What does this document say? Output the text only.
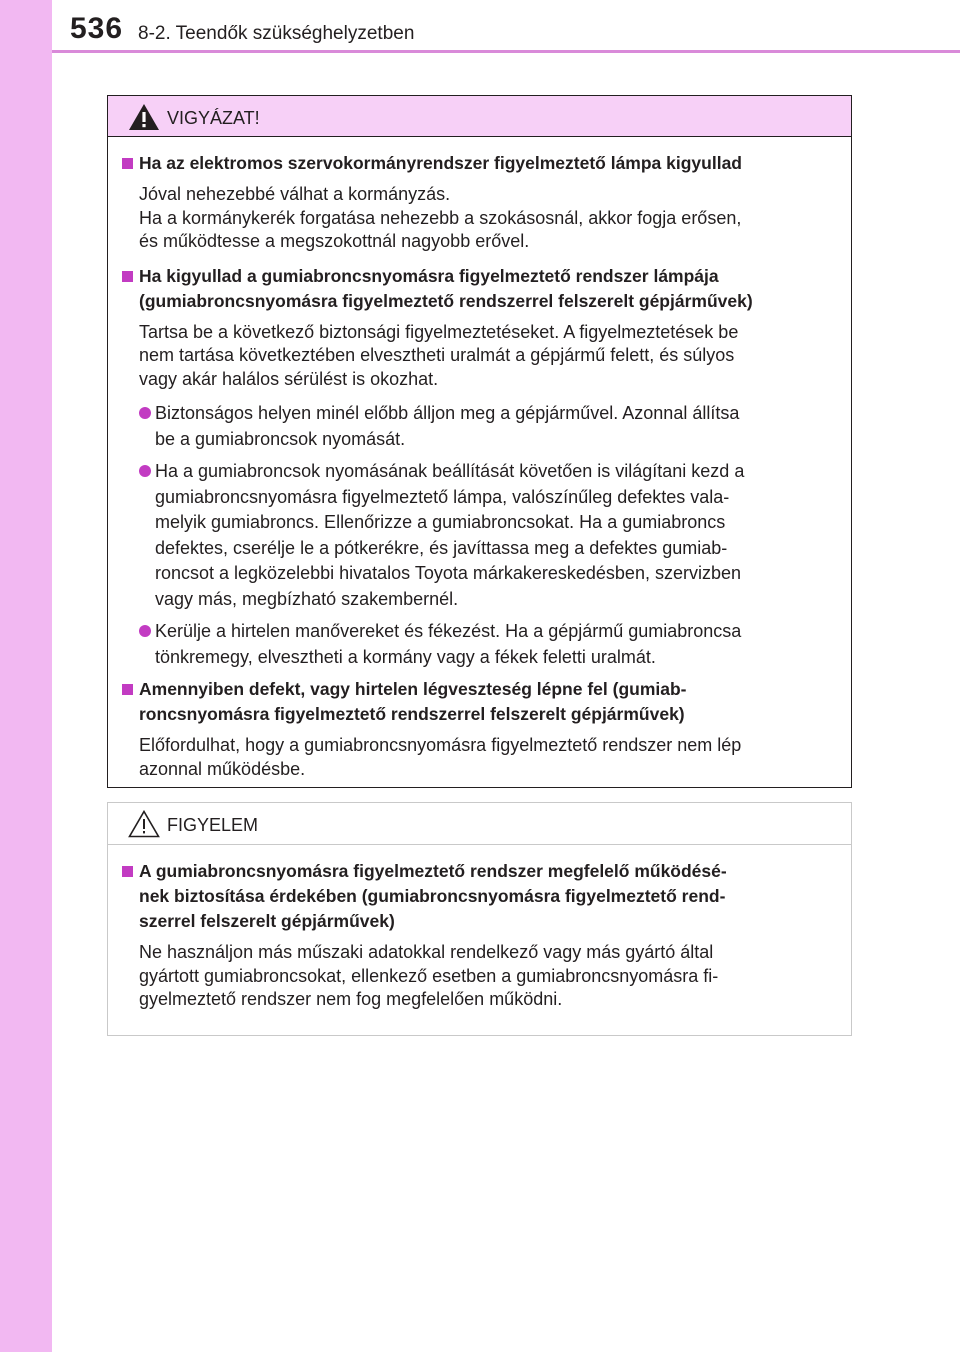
536 8-2. Teendők szükséghelyzetben
VIGYÁZAT!
Ha az elektromos szervokormányrendszer figyelmeztető lámpa kigyullad
Jóval nehezebbé válhat a kormányzás.
Ha a kormánykerék forgatása nehezebb a szokásosnál, akkor fogja erősen,
és működtesse a megszokottnál nagyobb erővel.
Ha kigyullad a gumiabroncsnyomásra figyelmeztető rendszer lámpája
(gumiabroncsnyomásra figyelmeztető rendszerrel felszerelt gépjárművek)
Tartsa be a következő biztonsági figyelmeztetéseket. A figyelmeztetések be
nem tartása következtében elvesztheti uralmát a gépjármű felett, és súlyos
vagy akár halálos sérülést is okozhat.
Biztonságos helyen minél előbb álljon meg a gépjárművel. Azonnal állítsa
be a gumiabroncsok nyomását.
Ha a gumiabroncsok nyomásának beállítását követően is világítani kezd a
gumiabroncsnyomásra figyelmeztető lámpa, valószínűleg defektes vala-
melyik gumiabroncs. Ellenőrizze a gumiabroncsokat. Ha a gumiabroncs
defektes, cserélje le a pótkerékre, és javíttassa meg a defektes gumiab-
roncsot a legközelebbi hivatalos Toyota márkakereskedésben, szervizben
vagy más, megbízható szakembernél.
Kerülje a hirtelen manővereket és fékezést. Ha a gépjármű gumiabroncsa
tönkremegy, elvesztheti a kormány vagy a fékek feletti uralmát.
Amennyiben defekt, vagy hirtelen légveszteség lépne fel (gumiab-
roncsnyomásra figyelmeztető rendszerrel felszerelt gépjárművek)
Előfordulhat, hogy a gumiabroncsnyomásra figyelmeztető rendszer nem lép
azonnal működésbe.
FIGYELEM
A gumiabroncsnyomásra figyelmeztető rendszer megfelelő működésé-
nek biztosítása érdekében (gumiabroncsnyomásra figyelmeztető rend-
szerrel felszerelt gépjárművek)
Ne használjon más műszaki adatokkal rendelkező vagy más gyártó által
gyártott gumiabroncsokat, ellenkező esetben a gumiabroncsnyomásra fi-
gyelmeztető rendszer nem fog megfelelően működni.
